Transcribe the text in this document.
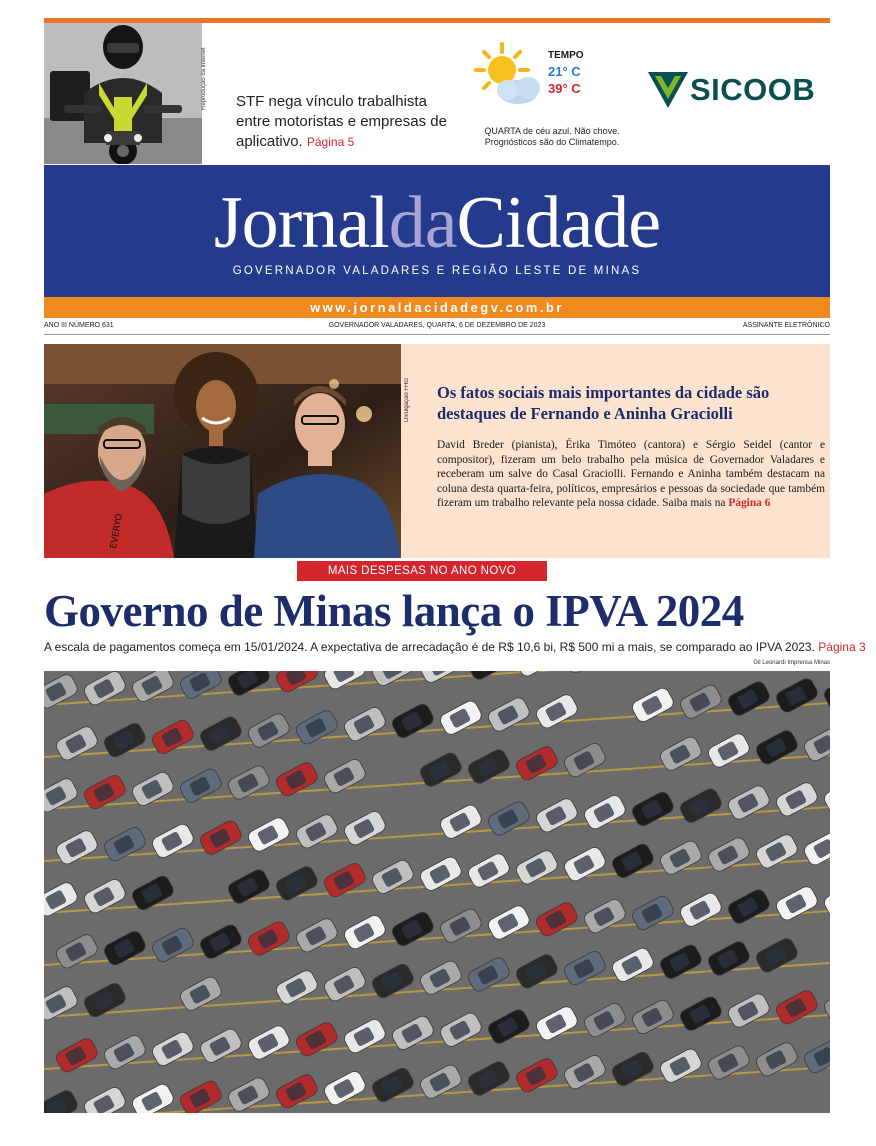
Reprodução da internet STF nega vínculo trabalhista entre motoristas e empresas de aplicativo. Página 5
TEMPO
21° C
39° C
QUARTA de céu azul. Não chove. Prognósticos são do Climatempo.
SICOOB
JornaldaCidade
GOVERNADOR VALADARES E REGIÃO LESTE DE MINAS
www.jornaldacidadegv.com.br
ANO III NÚMERO 631	GOVERNADOR VALADARES, QUARTA, 6 DE DEZEMBRO DE 2023	ASSINANTE ELETRÔNICO
EVERYO
Divulgação FHG Os fatos sociais mais importantes da cidade são destaques de Fernando e Aninha Graciolli
David Breder (pianista), Érika Timóteo (cantora) e Sérgio Seidel (cantor e compositor), fizeram um belo trabalho pela música de Governador Valadares e receberam um salve do Casal Graciolli. Fernando e Aninha também destacam na coluna desta quarta-feira, políticos, empresários e pessoas da sociedade que também fizeram um trabalho relevante pela nossa cidade. Saiba mais na Página 6
MAIS DESPESAS NO ANO NOVO
Governo de Minas lança o IPVA 2024
A escala de pagamentos começa em 15/01/2024. A expectativa de arrecadação é de R$ 10,6 bi, R$ 500 mi a mais, se comparado ao IPVA 2023. Página 3
Gil Leonardi Imprensa Minas
